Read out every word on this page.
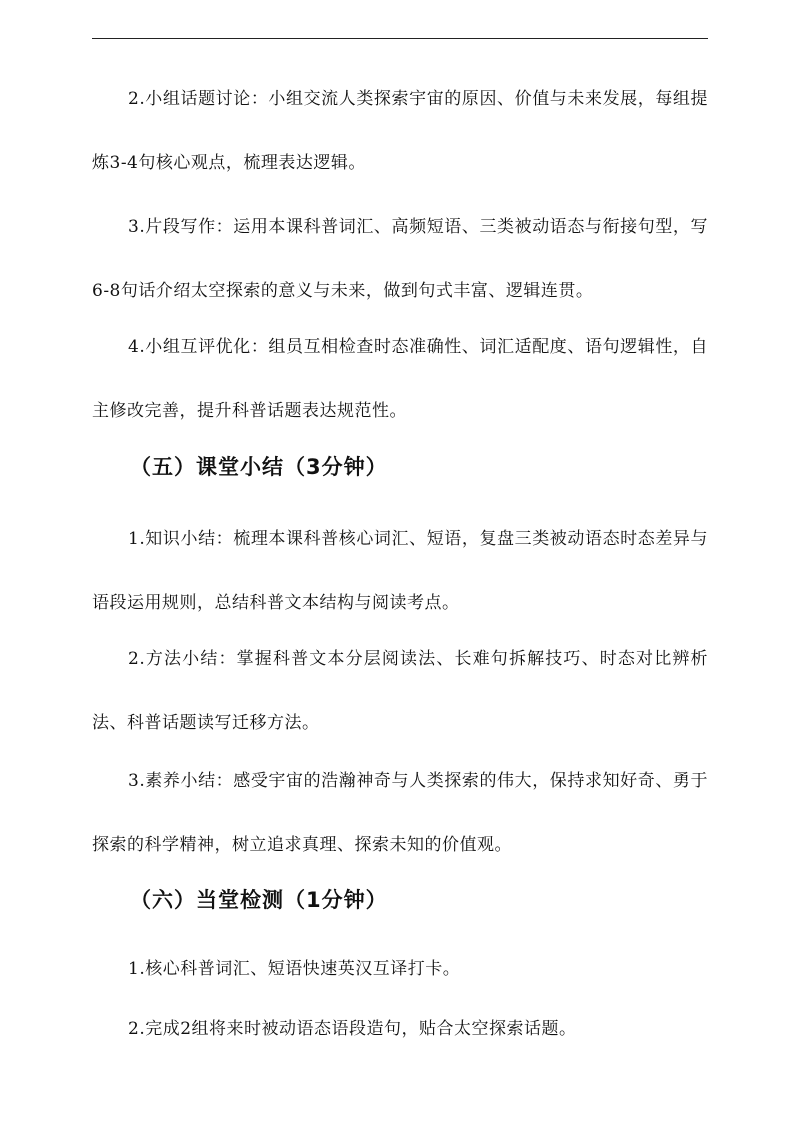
2.小组话题讨论：小组交流人类探索宇宙的原因、价值与未来发展，每组提炼3-4句核心观点，梳理表达逻辑。

3.片段写作：运用本课科普词汇、高频短语、三类被动语态与衔接句型，写6-8句话介绍太空探索的意义与未来，做到句式丰富、逻辑连贯。

4.小组互评优化：组员互相检查时态准确性、词汇适配度、语句逻辑性，自主修改完善，提升科普话题表达规范性。

（五）课堂小结（3分钟）

1.知识小结：梳理本课科普核心词汇、短语，复盘三类被动语态时态差异与语段运用规则，总结科普文本结构与阅读考点。

2.方法小结：掌握科普文本分层阅读法、长难句拆解技巧、时态对比辨析法、科普话题读写迁移方法。

3.素养小结：感受宇宙的浩瀚神奇与人类探索的伟大，保持求知好奇、勇于探索的科学精神，树立追求真理、探索未知的价值观。

（六）当堂检测（1分钟）

1.核心科普词汇、短语快速英汉互译打卡。

2.完成2组将来时被动语态语段造句，贴合太空探索话题。
